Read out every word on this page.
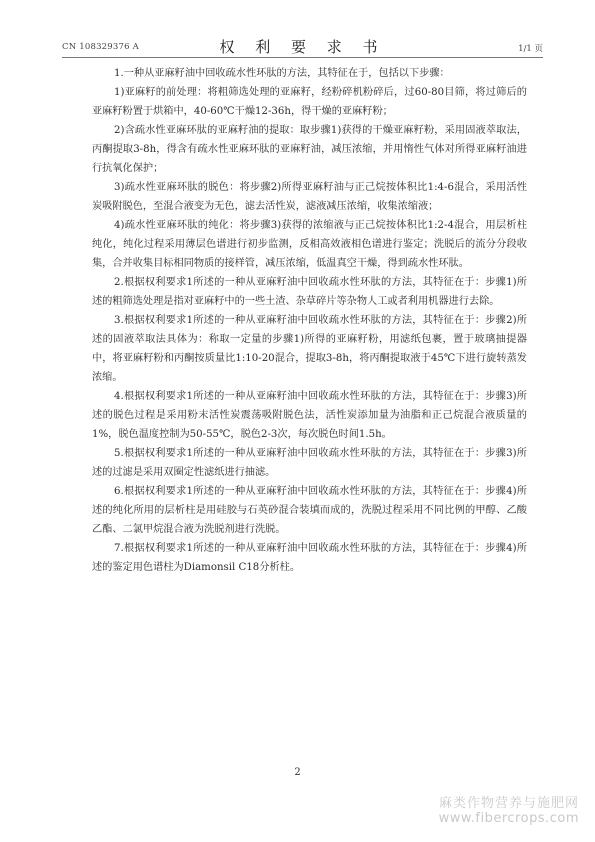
CN 108329376 A	权 利 要 求 书	1/1 页

1.一种从亚麻籽油中回收疏水性环肽的方法，其特征在于，包括以下步骤：

1)亚麻籽的前处理：将粗筛选处理的亚麻籽，经粉碎机粉碎后，过60-80目筛，将过筛后的亚麻籽粉置于烘箱中，40-60℃干燥12-36h，得干燥的亚麻籽粉；

2)含疏水性亚麻环肽的亚麻籽油的提取：取步骤1)获得的干燥亚麻籽粉，采用固液萃取法，丙酮提取3-8h，得含有疏水性亚麻环肽的亚麻籽油，减压浓缩，并用惰性气体对所得亚麻籽油进行抗氧化保护；

3)疏水性亚麻环肽的脱色：将步骤2)所得亚麻籽油与正己烷按体积比1:4-6混合，采用活性炭吸附脱色，至混合液变为无色，滤去活性炭，滤液减压浓缩，收集浓缩液；

4)疏水性亚麻环肽的纯化：将步骤3)获得的浓缩液与正己烷按体积比1:2-4混合，用层析柱纯化，纯化过程采用薄层色谱进行初步监测，反相高效液相色谱进行鉴定；洗脱后的流分分段收集，合并收集目标相同物质的接样管，减压浓缩，低温真空干燥，得到疏水性环肽。

2.根据权利要求1所述的一种从亚麻籽油中回收疏水性环肽的方法，其特征在于：步骤1)所述的粗筛选处理是指对亚麻籽中的一些土渣、杂草碎片等杂物人工或者利用机器进行去除。

3.根据权利要求1所述的一种从亚麻籽油中回收疏水性环肽的方法，其特征在于：步骤2)所述的固液萃取法具体为：称取一定量的步骤1)所得的亚麻籽粉，用滤纸包裹，置于玻璃抽提器中，将亚麻籽粉和丙酮按质量比1:10-20混合，提取3-8h，将丙酮提取液于45℃下进行旋转蒸发浓缩。

4.根据权利要求1所述的一种从亚麻籽油中回收疏水性环肽的方法，其特征在于：步骤3)所述的脱色过程是采用粉末活性炭震荡吸附脱色法，活性炭添加量为油脂和正己烷混合液质量的1%，脱色温度控制为50-55℃，脱色2-3次，每次脱色时间1.5h。

5.根据权利要求1所述的一种从亚麻籽油中回收疏水性环肽的方法，其特征在于：步骤3)所述的过滤是采用双圈定性滤纸进行抽滤。

6.根据权利要求1所述的一种从亚麻籽油中回收疏水性环肽的方法，其特征在于：步骤4)所述的纯化所用的层析柱是用硅胶与石英砂混合装填而成的，洗脱过程采用不同比例的甲醇、乙酸乙酯、二氯甲烷混合液为洗脱剂进行洗脱。

7.根据权利要求1所述的一种从亚麻籽油中回收疏水性环肽的方法，其特征在于：步骤4)所述的鉴定用色谱柱为Diamonsil C18分析柱。

2
麻类作物营养与施肥网
www.fibercrops.com
